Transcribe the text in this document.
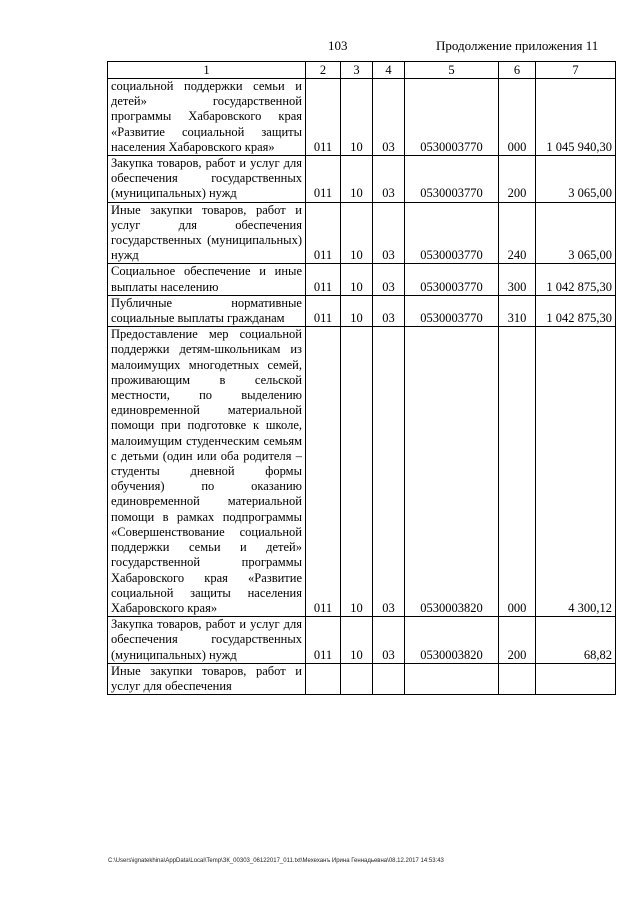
103	Продолжение приложения 11
1	2	3	4	5	6	7
социальной поддержки семьи и детей» государственной программы Хабаровского края «Развитие социальной защиты населения Хабаровского края»	011	10	03	0530003770	000	1 045 940,30
Закупка товаров, работ и услуг для обеспечения государственных (муниципальных) нужд	011	10	03	0530003770	200	3 065,00
Иные закупки товаров, работ и услуг для обеспечения государственных (муниципальных) нужд	011	10	03	0530003770	240	3 065,00
Социальное обеспечение и иные выплаты населению	011	10	03	0530003770	300	1 042 875,30
Публичные нормативные социальные выплаты гражданам	011	10	03	0530003770	310	1 042 875,30
Предоставление мер социальной поддержки детям-школьникам из малоимущих многодетных семей, проживающим в сельской местности, по выделению единовременной материальной помощи при подготовке к школе, малоимущим студенческим семьям с детьми (один или оба родителя – студенты дневной формы обучения) по оказанию единовременной материальной помощи в рамках подпрограммы «Совершенствование социальной поддержки семьи и детей» государственной программы Хабаровского края «Развитие социальной защиты населения Хабаровского края»	011	10	03	0530003820	000	4 300,12
Закупка товаров, работ и услуг для обеспечения государственных (муниципальных) нужд	011	10	03	0530003820	200	68,82
Иные закупки товаров, работ и услуг для обеспечения						
C:\Users\ignatekhina\AppData\Local\Temp\ЗК_00303_06122017_011.txt\Мехеханъ Ирина Геннадьевна\08.12.2017 14:53:43
